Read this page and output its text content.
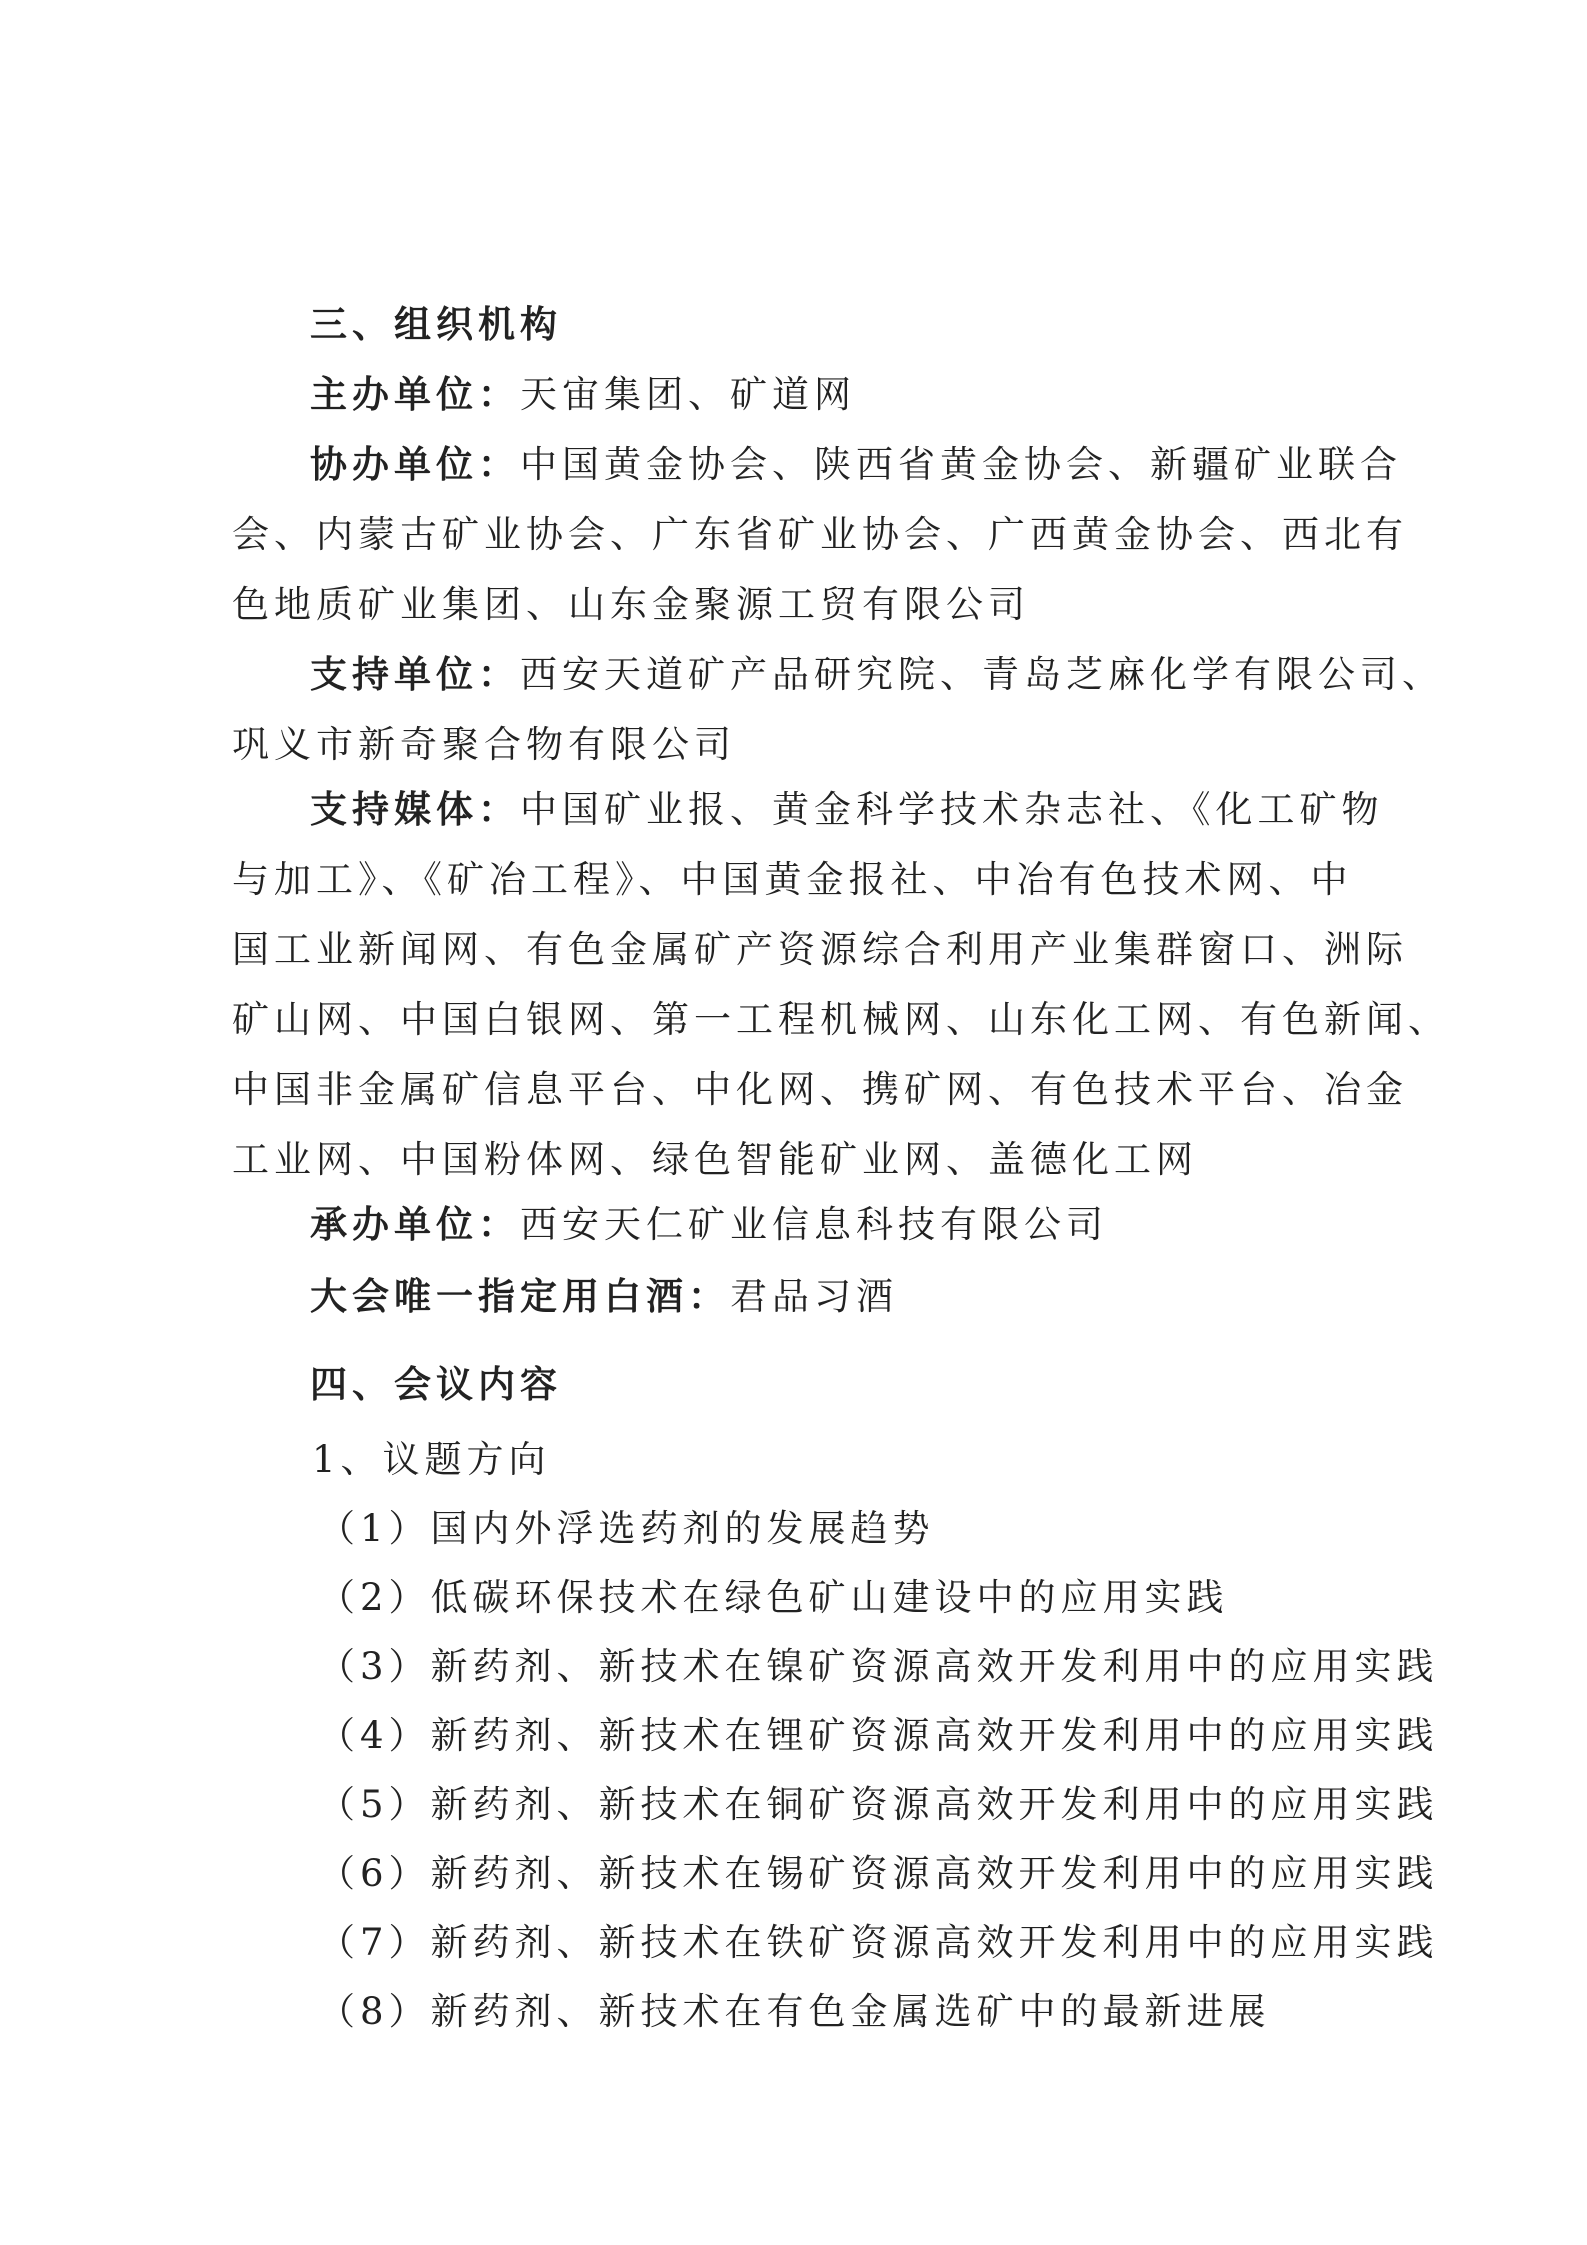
三、组织机构

主办单位：天宙集团、矿道网

协办单位：中国黄金协会、陕西省黄金协会、新疆矿业联合
会、内蒙古矿业协会、广东省矿业协会、广西黄金协会、西北有
色地质矿业集团、山东金聚源工贸有限公司
支持单位：西安天道矿产品研究院、青岛芝麻化学有限公司、
巩义市新奇聚合物有限公司
支持媒体：中国矿业报、黄金科学技术杂志社、《化工矿物
与加工》、《矿冶工程》、中国黄金报社、中冶有色技术网、中
国工业新闻网、有色金属矿产资源综合利用产业集群窗口、洲际
矿山网、中国白银网、第一工程机械网、山东化工网、有色新闻、
中国非金属矿信息平台、中化网、携矿网、有色技术平台、冶金
工业网、中国粉体网、绿色智能矿业网、盖德化工网

承办单位：西安天仁矿业信息科技有限公司

大会唯一指定用白酒：君品习酒

四、会议内容

1、议题方向

（1）国内外浮选药剂的发展趋势
（2）低碳环保技术在绿色矿山建设中的应用实践
（3）新药剂、新技术在镍矿资源高效开发利用中的应用实践
（4）新药剂、新技术在锂矿资源高效开发利用中的应用实践
（5）新药剂、新技术在铜矿资源高效开发利用中的应用实践
（6）新药剂、新技术在锡矿资源高效开发利用中的应用实践
（7）新药剂、新技术在铁矿资源高效开发利用中的应用实践
（8）新药剂、新技术在有色金属选矿中的最新进展
